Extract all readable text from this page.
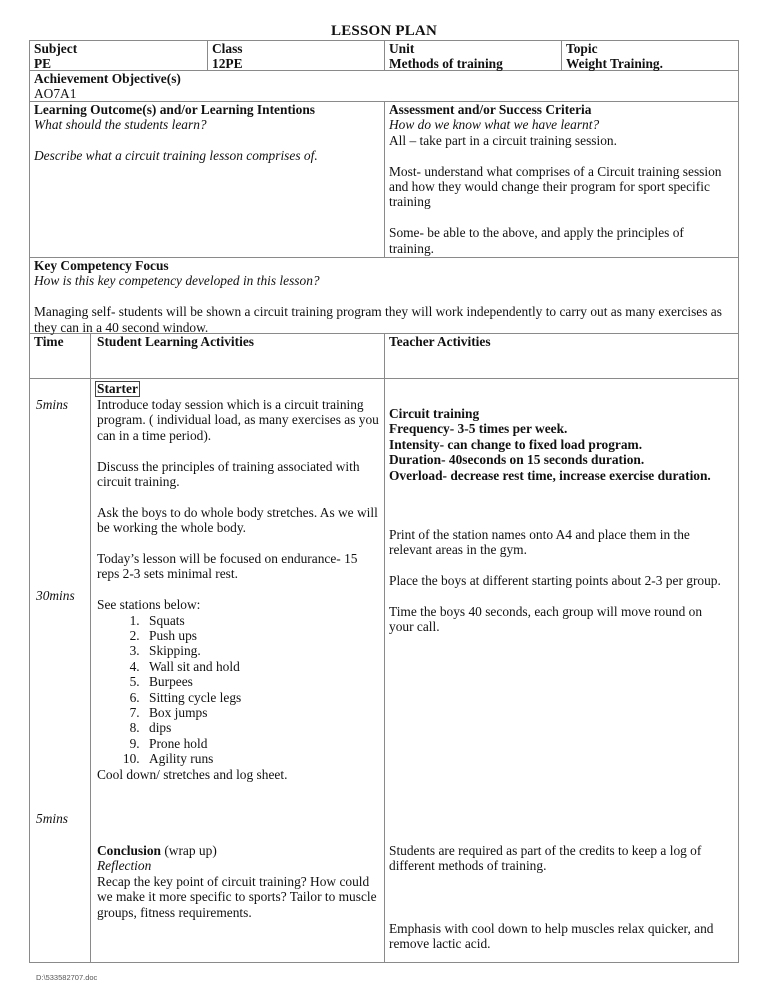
LESSON PLAN
Subject
PE
Class
12PE
Unit
Methods of training
Topic
Weight Training.
Achievement Objective(s)
AO7A1
Learning Outcome(s) and/or Learning Intentions
What should the students learn?
Describe what a circuit training lesson comprises of.
Assessment and/or Success Criteria
How do we know what we have learnt?
All – take part in a circuit training session.
Most- understand what comprises of a Circuit training session and how they would change their program for sport specific training
Some- be able to the above, and apply the principles of training.
Key Competency Focus
How is this key competency developed in this lesson?
Managing self- students will be shown a circuit training program they will work independently to carry out as many exercises as they can in a 40 second window.
Time Student Learning Activities	Teacher Activities
5mins
30mins
5mins
Starter
Introduce today session which is a circuit training program. ( individual load, as many exercises as you can in a time period).
Discuss the principles of training associated with circuit training.
Ask the boys to do whole body stretches. As we will be working the whole body.
Today’s lesson will be focused on endurance- 15 reps 2-3 sets minimal rest.
See stations below:
1. Squats
2. Push ups
3. Skipping.
4. Wall sit and hold
5. Burpees
6. Sitting cycle legs
7. Box jumps
8. dips
9. Prone hold
10. Agility runs
Cool down/ stretches and log sheet.
Conclusion (wrap up)
Reflection
Recap the key point of circuit training? How could we make it more specific to sports? Tailor to muscle groups, fitness requirements.
Circuit training
Frequency- 3-5 times per week.
Intensity- can change to fixed load program.
Duration- 40seconds on 15 seconds duration.
Overload- decrease rest time, increase exercise duration.
Print of the station names onto A4 and place them in the relevant areas in the gym.
Place the boys at different starting points about 2-3 per group.
Time the boys 40 seconds, each group will move round on your call.
Students are required as part of the credits to keep a log of different methods of training.
Emphasis with cool down to help muscles relax quicker, and remove lactic acid.
D:\533582707.doc
